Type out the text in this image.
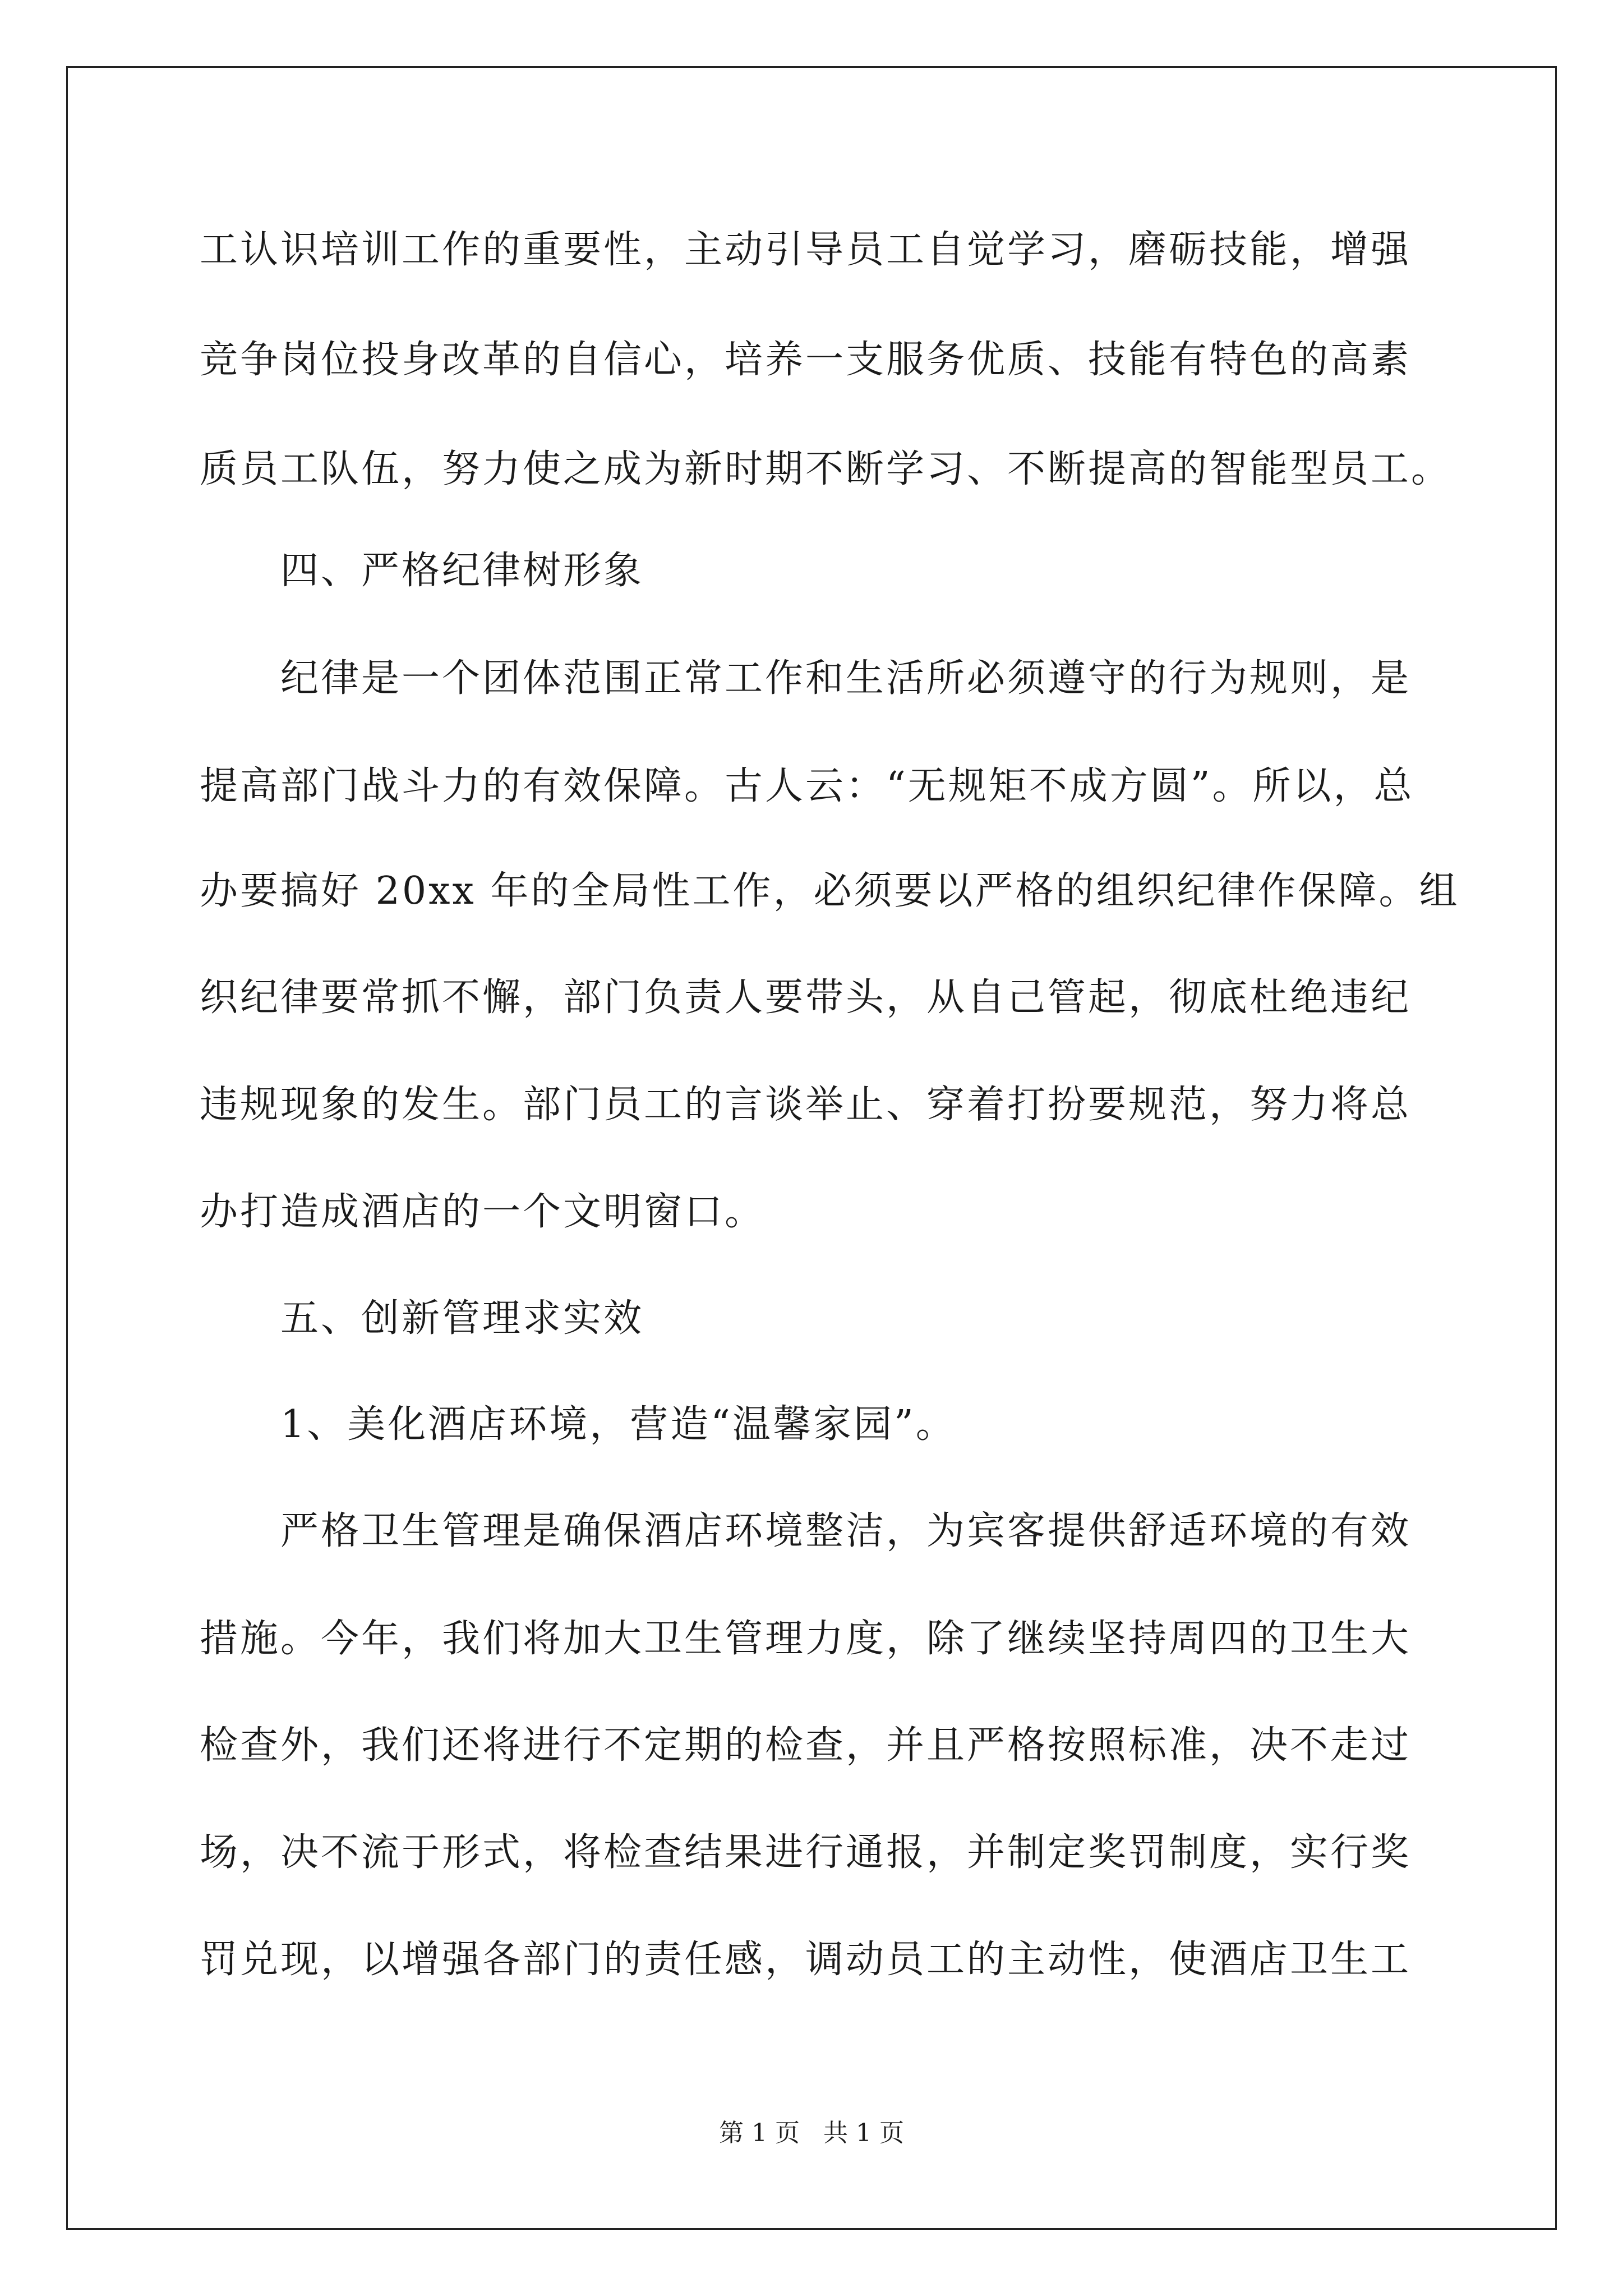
工认识培训工作的重要性，主动引导员工自觉学习，磨砺技能，增强
竞争岗位投身改革的自信心，培养一支服务优质、技能有特色的高素
质员工队伍，努力使之成为新时期不断学习、不断提高的智能型员工。
四、严格纪律树形象
纪律是一个团体范围正常工作和生活所必须遵守的行为规则，是
提高部门战斗力的有效保障。古人云：“无规矩不成方圆”。所以，总
办要搞好 20xx 年的全局性工作，必须要以严格的组织纪律作保障。组
织纪律要常抓不懈，部门负责人要带头，从自己管起，彻底杜绝违纪
违规现象的发生。部门员工的言谈举止、穿着打扮要规范，努力将总
办打造成酒店的一个文明窗口。
五、创新管理求实效
1、美化酒店环境，营造“温馨家园”。
严格卫生管理是确保酒店环境整洁，为宾客提供舒适环境的有效
措施。今年，我们将加大卫生管理力度，除了继续坚持周四的卫生大
检查外，我们还将进行不定期的检查，并且严格按照标准，决不走过
场，决不流于形式，将检查结果进行通报，并制定奖罚制度，实行奖
罚兑现，以增强各部门的责任感，调动员工的主动性，使酒店卫生工
第 1 页   共 1 页
